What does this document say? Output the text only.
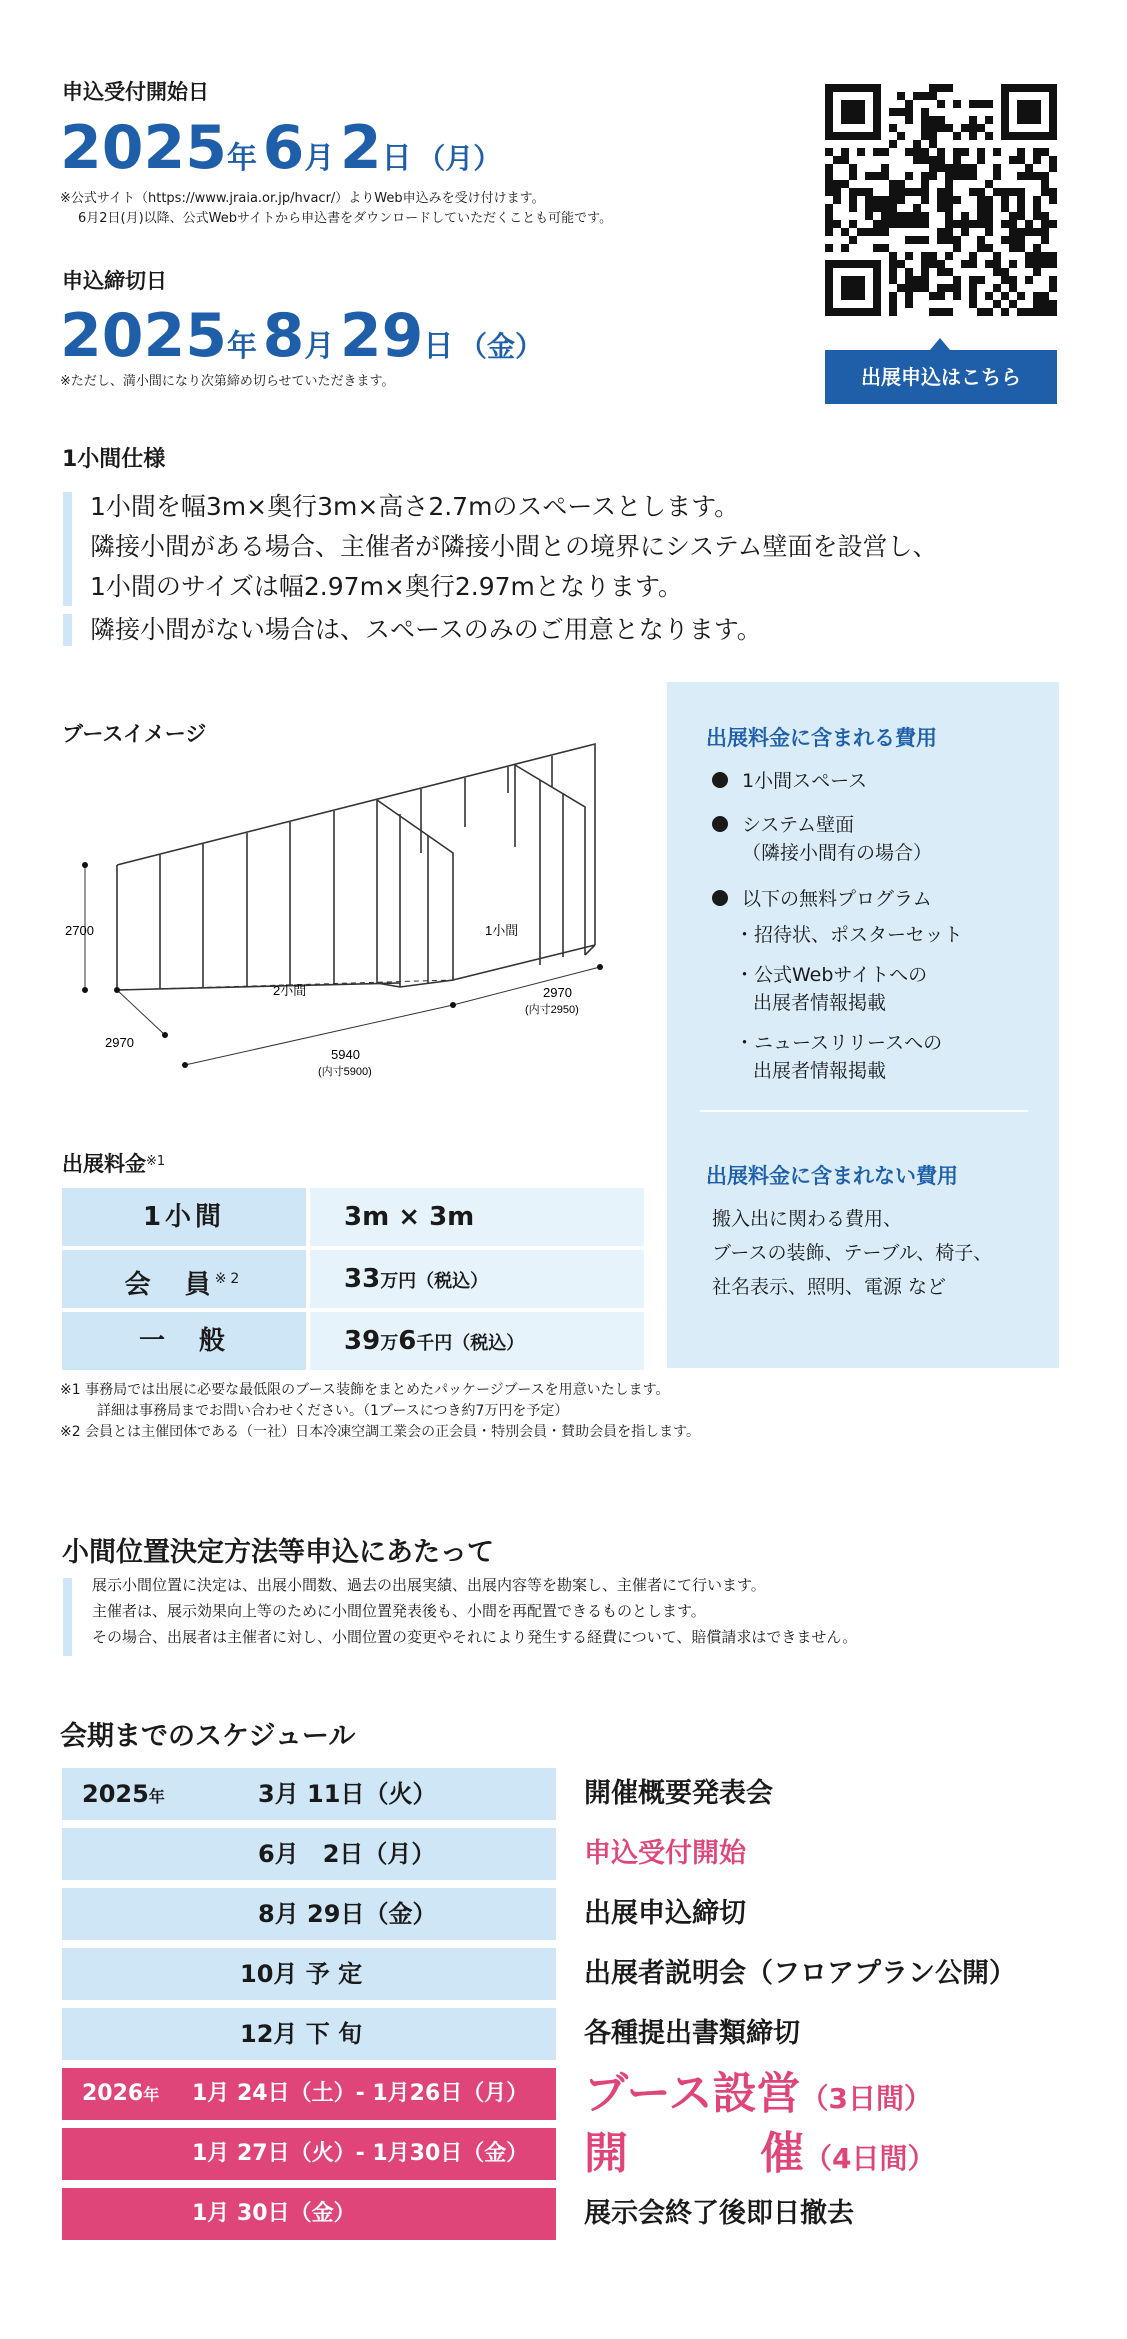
申込受付開始日
2025年 6月 2日 （月）
※公式サイト（https://www.jraia.or.jp/hvacr/）よりWeb申込みを受け付けます。
6月2日(月)以降、公式Webサイトから申込書をダウンロードしていただくことも可能です。
申込締切日
2025年 8月 29日 （金）
※ただし、満小間になり次第締め切らせていただきます。	出展申込はこちら
1小間仕様
1小間を幅3m×奥行3m×高さ2.7mのスペースとします。
隣接小間がある場合、主催者が隣接小間との境界にシステム壁面を設営し、
1小間のサイズは幅2.97m×奥行2.97mとなります。
隣接小間がない場合は、スペースのみのご用意となります。
ブースイメージ
2700
2970
5940
(内寸5900)
2970
(内寸2950)
2小間
1小間
出展料金に含まれる費用
1小間スペース
システム壁面
（隣接小間有の場合）
以下の無料プログラム
・招待状、ポスターセット
・公式Webサイトへの
出展者情報掲載
・ニュースリリースへの
出展者情報掲載
出展料金に含まれない費用
搬入出に関わる費用、
ブースの装飾、テーブル、椅子、
社名表示、照明、電源 など
出展料金$^{※1}$
1小間	3m × 3m
会　員$^{※2}$	33万円（税込）
一　般	39万6千円（税込）
※1 事務局では出展に必要な最低限のブース装飾をまとめたパッケージブースを用意いたします。
詳細は事務局までお問い合わせください。（1ブースにつき約7万円を予定）
※2 会員とは主催団体である（一社）日本冷凍空調工業会の正会員・特別会員・賛助会員を指します。
小間位置決定方法等申込にあたって
展示小間位置に決定は、出展小間数、過去の出展実績、出展内容等を勘案し、主催者にて行います。
主催者は、展示効果向上等のために小間位置発表後も、小間を再配置できるものとします。
その場合、出展者は主催者に対し、小間位置の変更やそれにより発生する経費について、賠償請求はできません。
会期までのスケジュール
2025年	3月 11日（火）	開催概要発表会
6月　2日（月）	申込受付開始
8月 29日（金）	出展申込締切
10月 予 定	出展者説明会（フロアプラン公開）
12月 下 旬	各種提出書類締切
2026年 1月 24日（土）- 1月26日（月） ブース設営（3日間）
1月 27日（火）- 1月30日（金） 開　　　催（4日間）
1月 30日（金）	展示会終了後即日撤去
